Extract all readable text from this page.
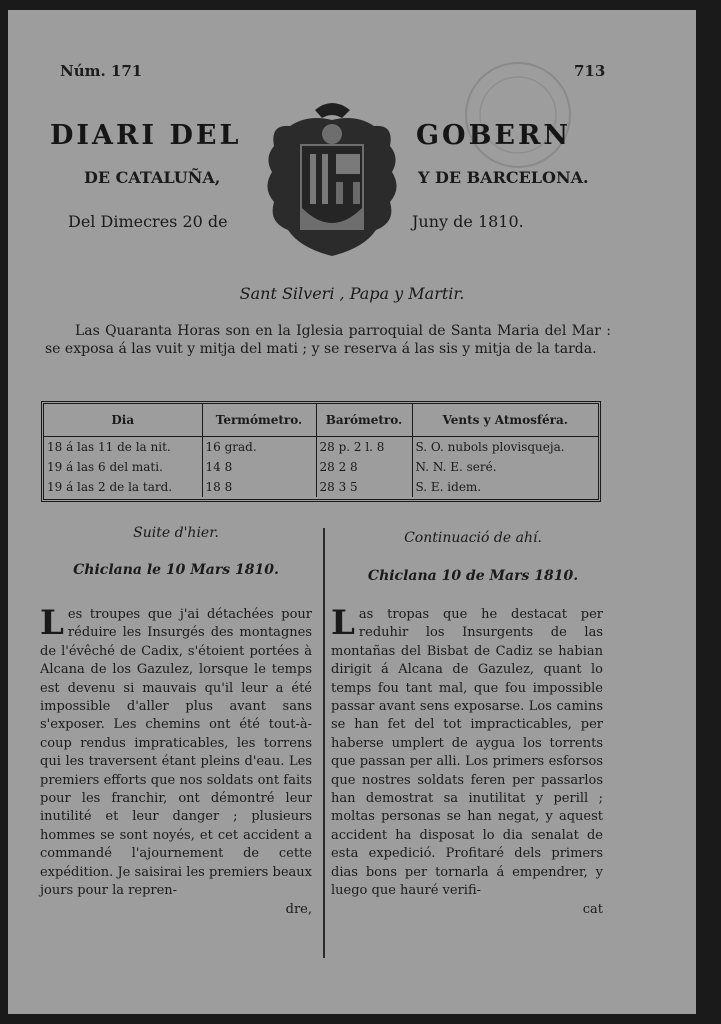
Núm. 171	713
DIARI DEL	GOBERN
DE CATALUÑA,	Y DE BARCELONA.
Del Dimecres 20 de	Juny de 1810.
Sant Silveri , Papa y Martir.
Las Quaranta Horas son en la Iglesia parroquial de Santa Maria del Mar : se exposa á las vuit y mitja del mati ; y se reserva á las sis y mitja de la tarda.
Dia	Termómetro.	Barómetro.	Vents y Atmosféra.
18 á las 11 de la nit.	16 grad.	28 p. 2 l. 8	S. O. nubols plovisqueja.
19 á las 6 del mati.	14 8	28 2 8	N. N. E. seré.
19 á las 2 de la tard.	18 8	28 3 5	S. E. idem.
Suite d'hier.	Continuació de ahí.
Chiclana le 10 Mars 1810.	Chiclana 10 de Mars 1810.
Les troupes que j'ai détachées pour réduire les Insurgés des montagnes de l'évêché de Cadix, s'étoient portées à Alcana de los Gazulez, lorsque le temps est devenu si mauvais qu'il leur a été impossible d'aller plus avant sans s'exposer. Les chemins ont été tout-à-coup rendus impraticables, les torrens qui les traversent étant pleins d'eau. Les premiers efforts que nos soldats ont faits pour les franchir, ont démontré leur inutilité et leur danger ; plusieurs hommes se sont noyés, et cet accident a commandé l'ajournement de cette expédition. Je saisirai les premiers beaux jours pour la repren-
dre,
Las tropas que he destacat per reduhir los Insurgents de las montañas del Bisbat de Cadiz se habian dirigit á Alcana de Gazulez, quant lo temps fou tant mal, que fou impossible passar avant sens exposarse. Los camins se han fet del tot impracticables, per haberse umplert de aygua los torrents que passan per alli. Los primers esforsos que nostres soldats feren per passarlos han demostrat sa inutilitat y perill ; moltas personas se han negat, y aquest accident ha disposat lo dia senalat de esta expedició. Profitaré dels primers dias bons per tornarla á empendrer, y luego que hauré verifi-
cat
